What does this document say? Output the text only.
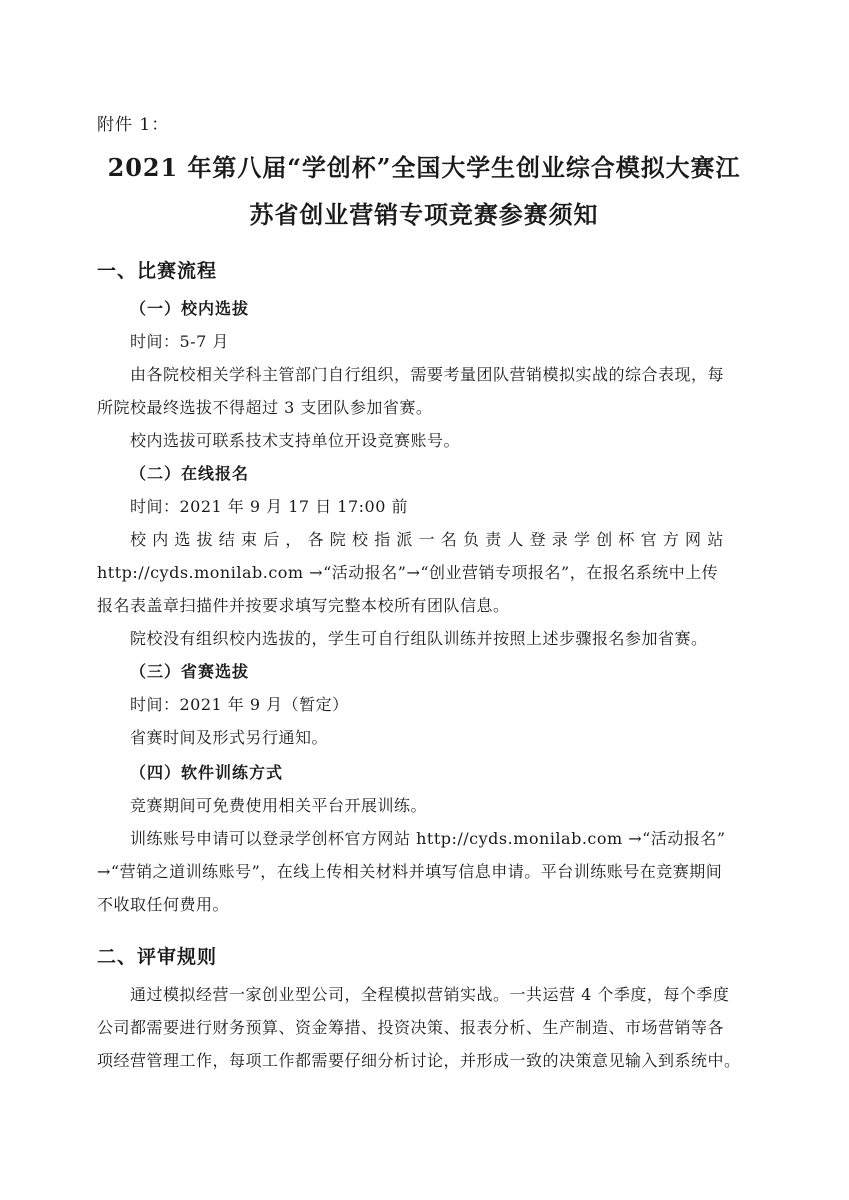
附件 1：
2021 年第八届“学创杯”全国大学生创业综合模拟大赛江
苏省创业营销专项竞赛参赛须知
一、比赛流程
（一）校内选拔
时间：5-7 月
由各院校相关学科主管部门自行组织，需要考量团队营销模拟实战的综合表现，每
所院校最终选拔不得超过 3 支团队参加省赛。
校内选拔可联系技术支持单位开设竞赛账号。
（二）在线报名
时间：2021 年 9 月 17 日 17:00 前
校内选拔结束后，各院校指派一名负责人登录学创杯官方网站
http://cyds.monilab.com →“活动报名”→“创业营销专项报名”，在报名系统中上传
报名表盖章扫描件并按要求填写完整本校所有团队信息。
院校没有组织校内选拔的，学生可自行组队训练并按照上述步骤报名参加省赛。
（三）省赛选拔
时间：2021 年 9 月（暂定）
省赛时间及形式另行通知。
（四）软件训练方式
竞赛期间可免费使用相关平台开展训练。
训练账号申请可以登录学创杯官方网站 http://cyds.monilab.com →“活动报名”
→“营销之道训练账号”，在线上传相关材料并填写信息申请。平台训练账号在竞赛期间
不收取任何费用。
二、评审规则
通过模拟经营一家创业型公司，全程模拟营销实战。一共运营 4 个季度，每个季度
公司都需要进行财务预算、资金筹措、投资决策、报表分析、生产制造、市场营销等各
项经营管理工作，每项工作都需要仔细分析讨论，并形成一致的决策意见输入到系统中。
